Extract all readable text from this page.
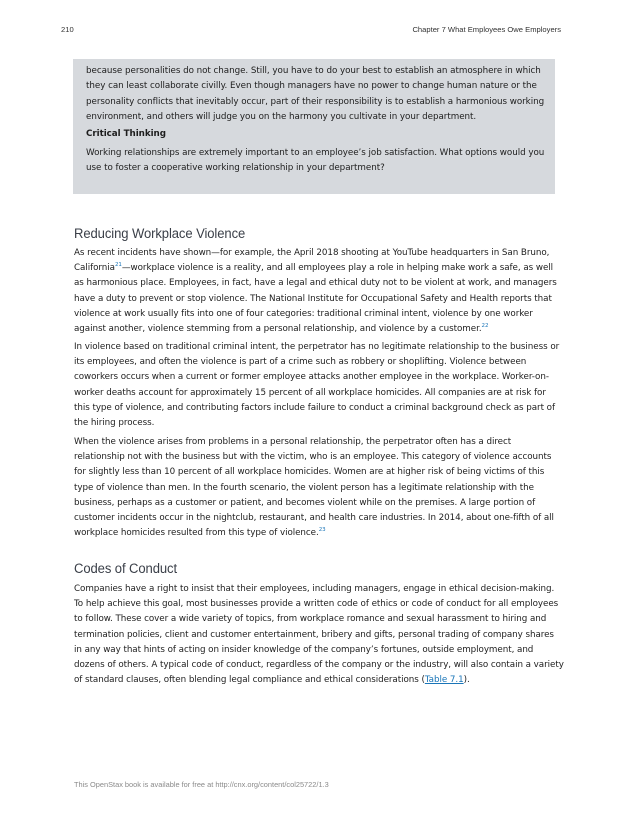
210	Chapter 7 What Employees Owe Employers

because personalities do not change. Still, you have to do your best to establish an atmosphere in which they can least collaborate civilly. Even though managers have no power to change human nature or the personality conflicts that inevitably occur, part of their responsibility is to establish a harmonious working environment, and others will judge you on the harmony you cultivate in your department.

Critical Thinking

Working relationships are extremely important to an employee’s job satisfaction. What options would you use to foster a cooperative working relationship in your department?

Reducing Workplace Violence

As recent incidents have shown—for example, the April 2018 shooting at YouTube headquarters in San Bruno, California$^{21}$—workplace violence is a reality, and all employees play a role in helping make work a safe, as well as harmonious place. Employees, in fact, have a legal and ethical duty not to be violent at work, and managers have a duty to prevent or stop violence. The National Institute for Occupational Safety and Health reports that violence at work usually fits into one of four categories: traditional criminal intent, violence by one worker against another, violence stemming from a personal relationship, and violence by a customer.$^{22}$

In violence based on traditional criminal intent, the perpetrator has no legitimate relationship to the business or its employees, and often the violence is part of a crime such as robbery or shoplifting. Violence between coworkers occurs when a current or former employee attacks another employee in the workplace. Worker-on-worker deaths account for approximately 15 percent of all workplace homicides. All companies are at risk for this type of violence, and contributing factors include failure to conduct a criminal background check as part of the hiring process.

When the violence arises from problems in a personal relationship, the perpetrator often has a direct relationship not with the business but with the victim, who is an employee. This category of violence accounts for slightly less than 10 percent of all workplace homicides. Women are at higher risk of being victims of this type of violence than men. In the fourth scenario, the violent person has a legitimate relationship with the business, perhaps as a customer or patient, and becomes violent while on the premises. A large portion of customer incidents occur in the nightclub, restaurant, and health care industries. In 2014, about one-fifth of all workplace homicides resulted from this type of violence.$^{23}$

Codes of Conduct

Companies have a right to insist that their employees, including managers, engage in ethical decision-making. To help achieve this goal, most businesses provide a written code of ethics or code of conduct for all employees to follow. These cover a wide variety of topics, from workplace romance and sexual harassment to hiring and termination policies, client and customer entertainment, bribery and gifts, personal trading of company shares in any way that hints of acting on insider knowledge of the company’s fortunes, outside employment, and dozens of others. A typical code of conduct, regardless of the company or the industry, will also contain a variety of standard clauses, often blending legal compliance and ethical considerations (Table 7.1).

This OpenStax book is available for free at http://cnx.org/content/col25722/1.3
